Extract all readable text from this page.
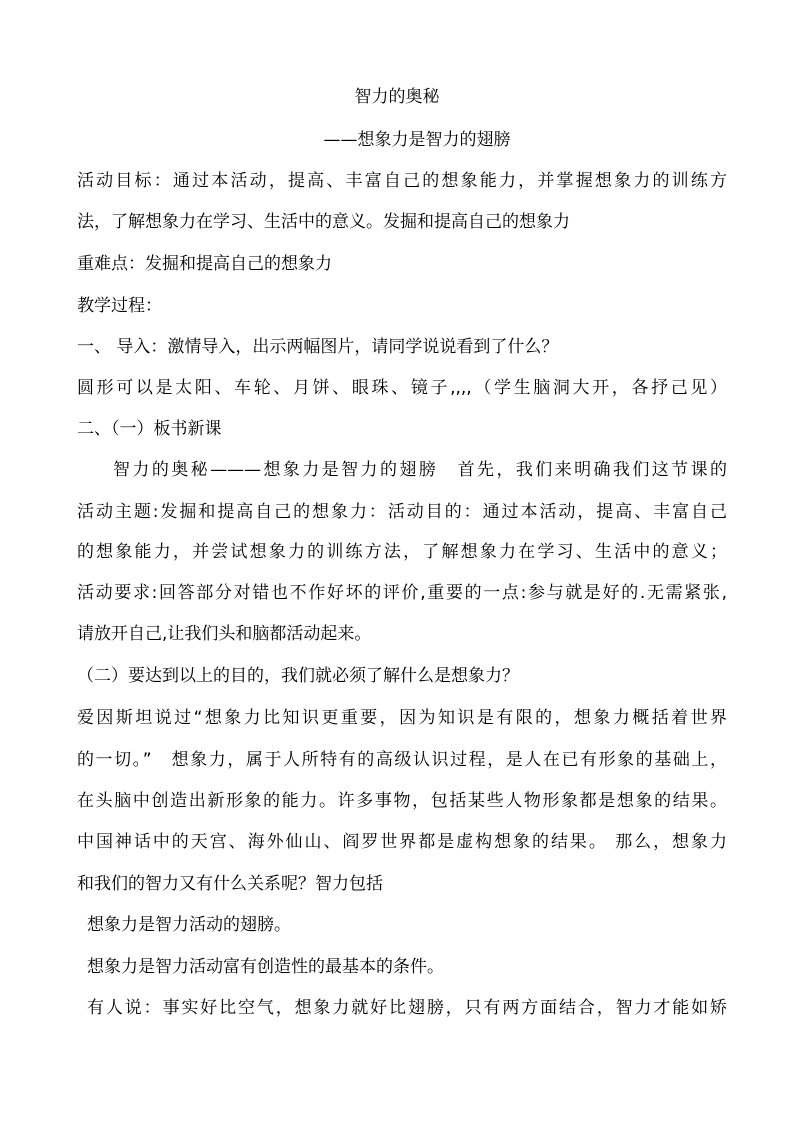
智力的奥秘
——想象力是智力的翅膀
活动目标：通过本活动，提高、丰富自己的想象能力，并掌握想象力的训练方
法，了解想象力在学习、生活中的意义。发掘和提高自己的想象力
重难点：发掘和提高自己的想象力
教学过程：
一、 导入：激情导入，出示两幅图片，请同学说说看到了什么？
圆形可以是太阳、车轮、月饼、眼珠、镜子,,,,（学生脑洞大开，各抒己见）
二、（一）板书新课
智力的奥秘———想象力是智力的翅膀　首先，我们来明确我们这节课的
活动主题:发掘和提高自己的想象力：活动目的：通过本活动，提高、丰富自己
的想象能力，并尝试想象力的训练方法，了解想象力在学习、生活中的意义；
活动要求:回答部分对错也不作好坏的评价,重要的一点:参与就是好的.无需紧张,
请放开自己,让我们头和脑都活动起来。
（二）要达到以上的目的，我们就必须了解什么是想象力？
爱因斯坦说过“想象力比知识更重要，因为知识是有限的，想象力概括着世界
的一切。”　想象力，属于人所特有的高级认识过程，是人在已有形象的基础上，
在头脑中创造出新形象的能力。许多事物，包括某些人物形象都是想象的结果。
中国神话中的天宫、海外仙山、阎罗世界都是虚构想象的结果。 那么，想象力
和我们的智力又有什么关系呢？智力包括
想象力是智力活动的翅膀。
想象力是智力活动富有创造性的最基本的条件。
有人说：事实好比空气，想象力就好比翅膀，只有两方面结合，智力才能如矫
